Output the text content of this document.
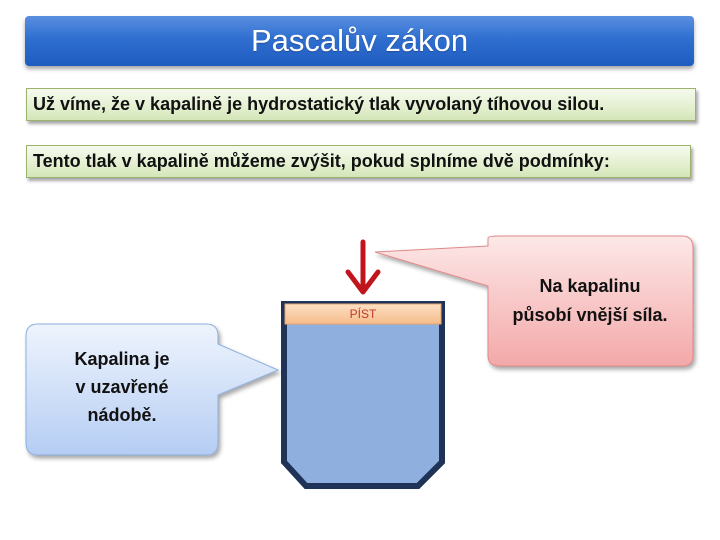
Pascalův zákon
Už víme, že v kapalině je hydrostatický tlak vyvolaný tíhovou silou.
Tento tlak v kapalině můžeme zvýšit, pokud splníme dvě podmínky:
Na kapalinu
působí vnější síla.
Kapalina je
v uzavřené
nádobě.
PÍST
